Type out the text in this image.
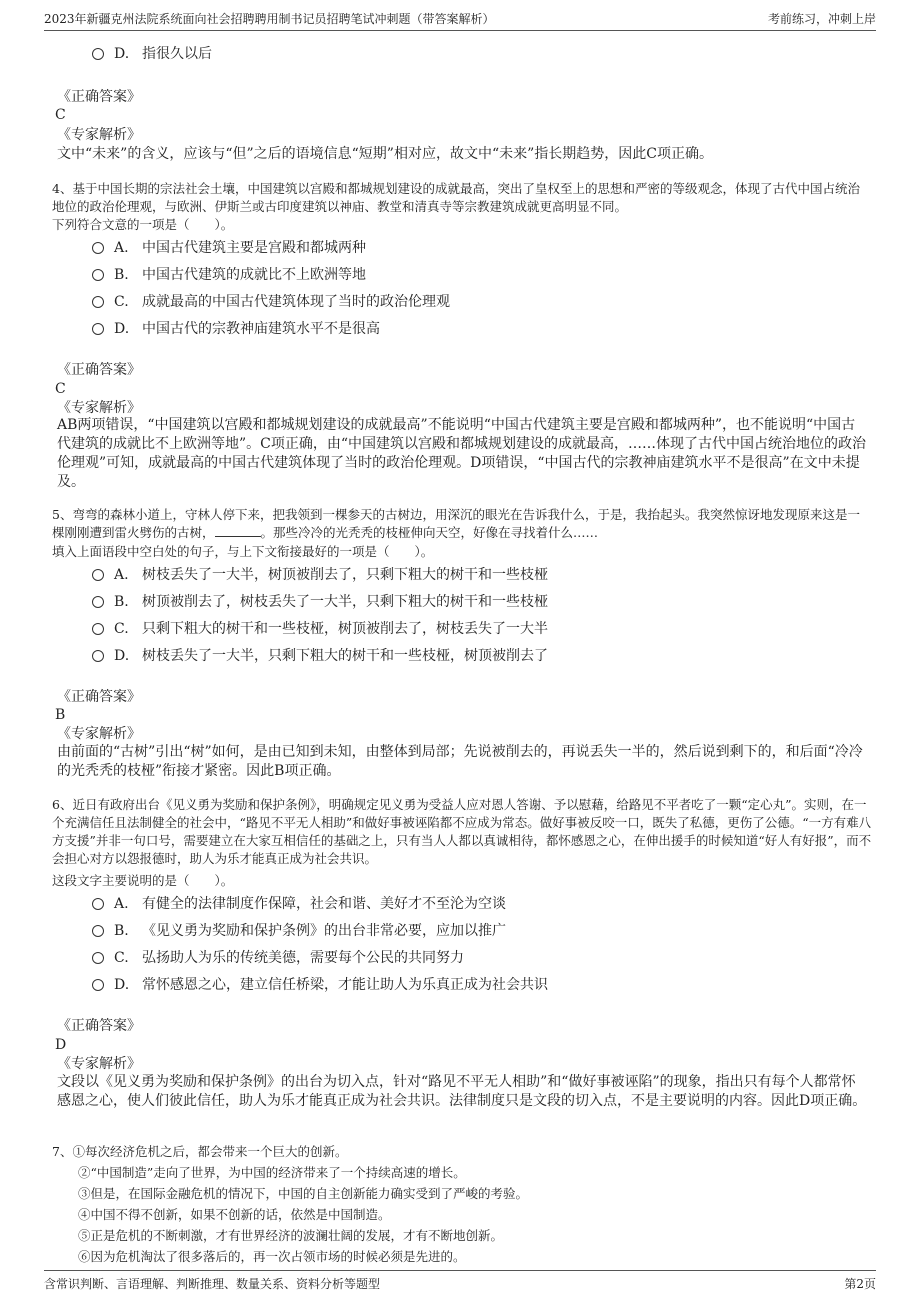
2023年新疆克州法院系统面向社会招聘聘用制书记员招聘笔试冲刺题（带答案解析）	考前练习，冲刺上岸
D. 指很久以后
《正确答案》
C
《专家解析》
文中“未来”的含义，应该与“但”之后的语境信息“短期”相对应，故文中“未来”指长期趋势，因此C项正确。

4、基于中国长期的宗法社会土壤，中国建筑以宫殿和都城规划建设的成就最高，突出了皇权至上的思想和严密的等级观念，体现了古代中国占统治地位的政治伦理观，与欧洲、伊斯兰或古印度建筑以神庙、教堂和清真寺等宗教建筑成就更高明显不同。

下列符合文意的一项是（　　）。
A. 中国古代建筑主要是宫殿和都城两种
B. 中国古代建筑的成就比不上欧洲等地
C. 成就最高的中国古代建筑体现了当时的政治伦理观
D. 中国古代的宗教神庙建筑水平不是很高
《正确答案》
C
《专家解析》
AB两项错误，“中国建筑以宫殿和都城规划建设的成就最高”不能说明“中国古代建筑主要是宫殿和都城两种”，也不能说明“中国古代建筑的成就比不上欧洲等地”。C项正确，由“中国建筑以宫殿和都城规划建设的成就最高，……体现了古代中国占统治地位的政治伦理观”可知，成就最高的中国古代建筑体现了当时的政治伦理观。D项错误，“中国古代的宗教神庙建筑水平不是很高”在文中未提及。

5、弯弯的森林小道上，守林人停下来，把我领到一棵参天的古树边，用深沉的眼光在告诉我什么，于是，我抬起头。我突然惊讶地发现原来这是一棵刚刚遭到雷火劈伤的古树，	。那些冷冷的光秃秃的枝桠伸向天空，好像在寻找着什么……

填入上面语段中空白处的句子，与上下文衔接最好的一项是（　　）。
A. 树枝丢失了一大半，树顶被削去了，只剩下粗大的树干和一些枝桠
B. 树顶被削去了，树枝丢失了一大半，只剩下粗大的树干和一些枝桠
C. 只剩下粗大的树干和一些枝桠，树顶被削去了，树枝丢失了一大半
D. 树枝丢失了一大半，只剩下粗大的树干和一些枝桠，树顶被削去了
《正确答案》
B
《专家解析》
由前面的“古树”引出“树”如何，是由已知到未知，由整体到局部；先说被削去的，再说丢失一半的，然后说到剩下的，和后面“冷冷的光秃秃的枝桠”衔接才紧密。因此B项正确。

6、近日有政府出台《见义勇为奖励和保护条例》，明确规定见义勇为受益人应对恩人答谢、予以慰藉，给路见不平者吃了一颗“定心丸”。实则，在一个充满信任且法制健全的社会中，“路见不平无人相助”和做好事被诬陷都不应成为常态。做好事被反咬一口，既失了私德，更伤了公德。“一方有难八方支援”并非一句口号，需要建立在大家互相信任的基础之上，只有当人人都以真诚相待，都怀感恩之心，在伸出援手的时候知道“好人有好报”，而不会担心对方以怨报德时，助人为乐才能真正成为社会共识。

这段文字主要说明的是（　　）。
A. 有健全的法律制度作保障，社会和谐、美好才不至沦为空谈
B. 《见义勇为奖励和保护条例》的出台非常必要，应加以推广
C. 弘扬助人为乐的传统美德，需要每个公民的共同努力
D. 常怀感恩之心，建立信任桥梁，才能让助人为乐真正成为社会共识
《正确答案》
D
《专家解析》
文段以《见义勇为奖励和保护条例》的出台为切入点，针对“路见不平无人相助”和“做好事被诬陷”的现象，指出只有每个人都常怀感恩之心，使人们彼此信任，助人为乐才能真正成为社会共识。法律制度只是文段的切入点，不是主要说明的内容。因此D项正确。
7、①每次经济危机之后，都会带来一个巨大的创新。
②“中国制造”走向了世界，为中国的经济带来了一个持续高速的增长。
③但是，在国际金融危机的情况下，中国的自主创新能力确实受到了严峻的考验。
④中国不得不创新，如果不创新的话，依然是中国制造。
⑤正是危机的不断刺激，才有世界经济的波澜壮阔的发展，才有不断地创新。
⑥因为危机淘汰了很多落后的，再一次占领市场的时候必须是先进的。
含常识判断、言语理解、判断推理、数量关系、资料分析等题型	第2页
